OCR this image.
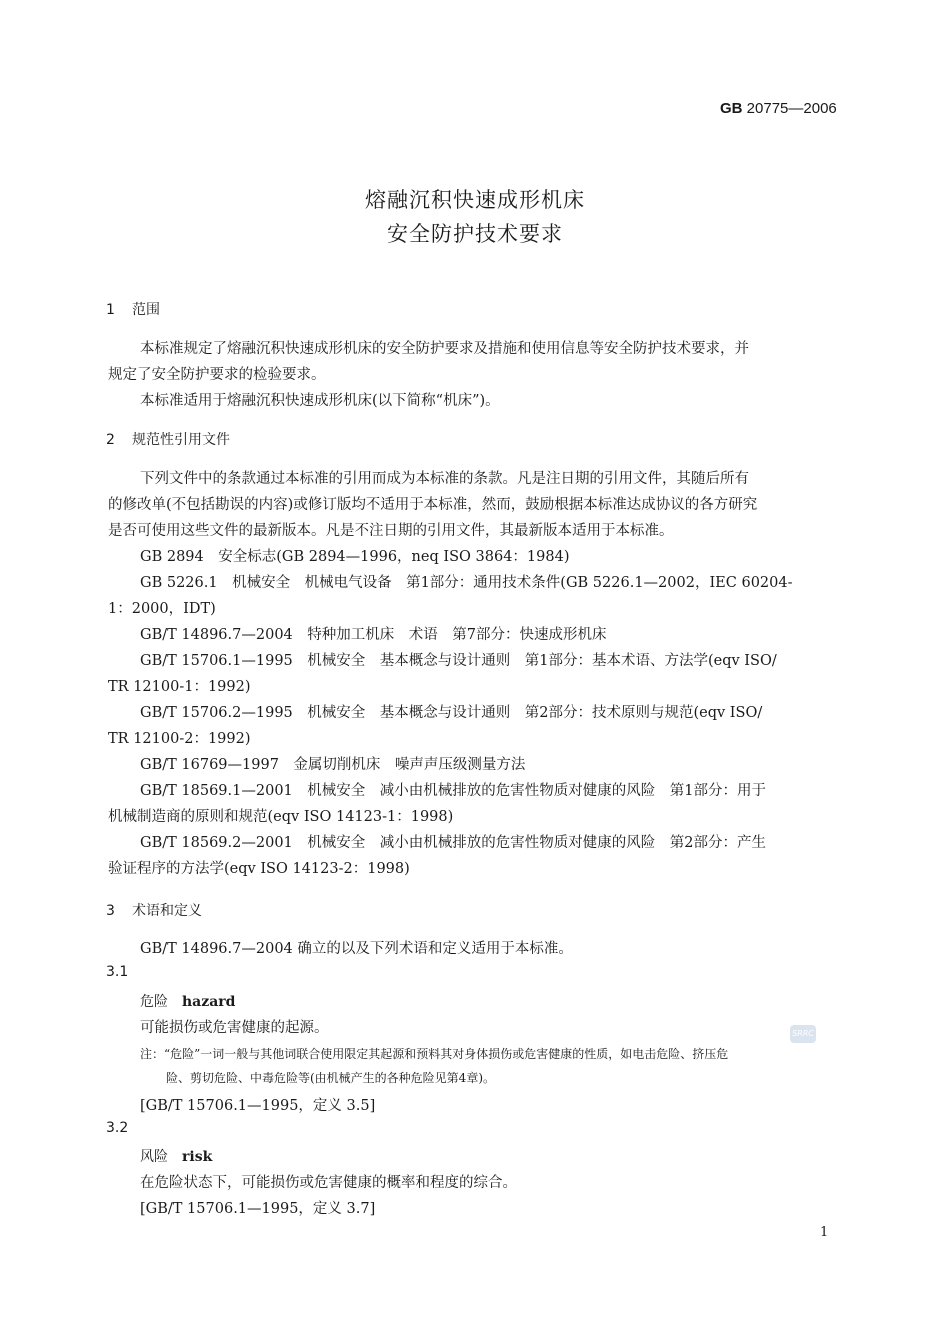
GB 20775—2006
熔融沉积快速成形机床
安全防护技术要求
1 范围
本标准规定了熔融沉积快速成形机床的安全防护要求及措施和使用信息等安全防护技术要求，并
规定了安全防护要求的检验要求。
本标准适用于熔融沉积快速成形机床(以下简称“机床”)。
2 规范性引用文件
下列文件中的条款通过本标准的引用而成为本标准的条款。凡是注日期的引用文件，其随后所有
的修改单(不包括勘误的内容)或修订版均不适用于本标准，然而，鼓励根据本标准达成协议的各方研究
是否可使用这些文件的最新版本。凡是不注日期的引用文件，其最新版本适用于本标准。
GB 2894　安全标志(GB 2894—1996，neq ISO 3864：1984)
GB 5226.1　机械安全　机械电气设备　第1部分：通用技术条件(GB 5226.1—2002，IEC 60204-
1：2000，IDT)
GB/T 14896.7—2004　特种加工机床　术语　第7部分：快速成形机床
GB/T 15706.1—1995　机械安全　基本概念与设计通则　第1部分：基本术语、方法学(eqv ISO/
TR 12100-1：1992)
GB/T 15706.2—1995　机械安全　基本概念与设计通则　第2部分：技术原则与规范(eqv ISO/
TR 12100-2：1992)
GB/T 16769—1997　金属切削机床　噪声声压级测量方法
GB/T 18569.1—2001　机械安全　减小由机械排放的危害性物质对健康的风险　第1部分：用于
机械制造商的原则和规范(eqv ISO 14123-1：1998)
GB/T 18569.2—2001　机械安全　减小由机械排放的危害性物质对健康的风险　第2部分：产生
验证程序的方法学(eqv ISO 14123-2：1998)
3 术语和定义
GB/T 14896.7—2004 确立的以及下列术语和定义适用于本标准。
3.1
危险 hazard
可能损伤或危害健康的起源。
注：“危险”一词一般与其他词联合使用限定其起源和预料其对身体损伤或危害健康的性质，如电击危险、挤压危
险、剪切危险、中毒危险等(由机械产生的各种危险见第4章)。
[GB/T 15706.1—1995，定义 3.5]
3.2
风险 risk
在危险状态下，可能损伤或危害健康的概率和程度的综合。
[GB/T 15706.1—1995，定义 3.7]
SRRC
1
